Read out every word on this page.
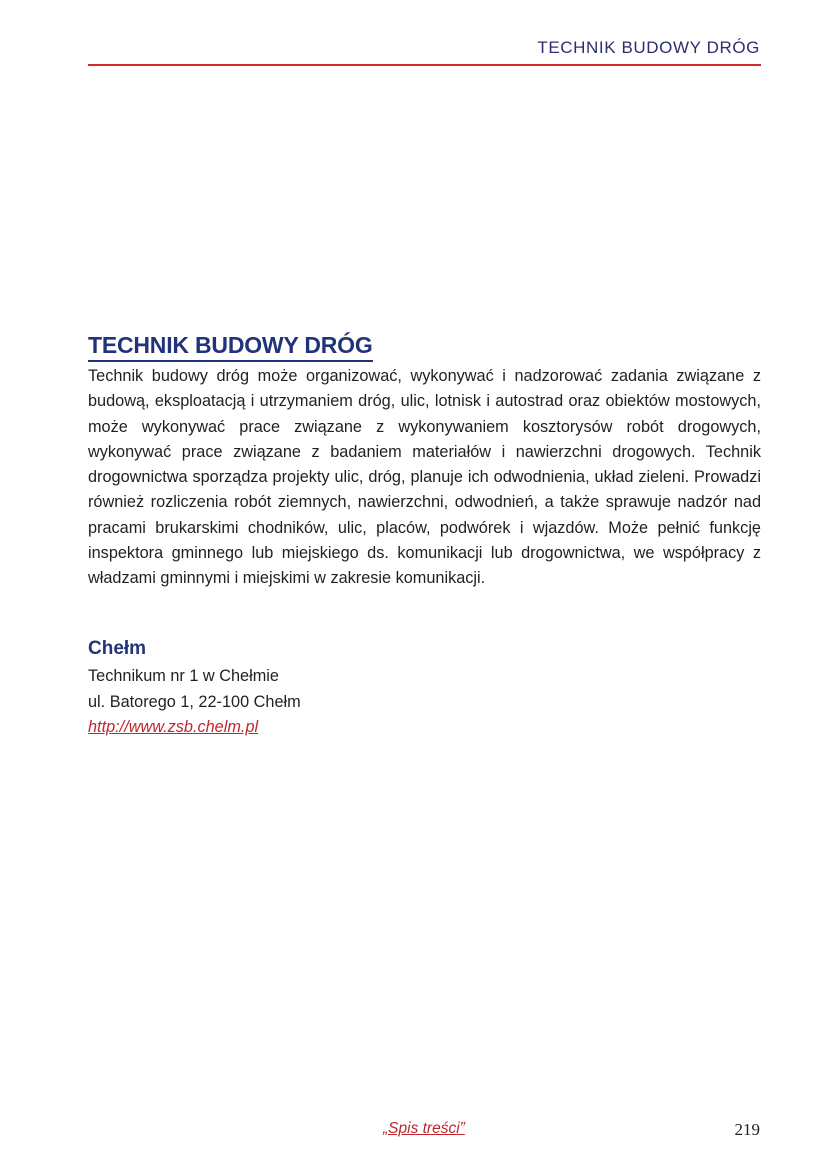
TECHNIK BUDOWY DRÓG
TECHNIK BUDOWY DRÓG

Technik budowy dróg może organizować, wykonywać i nadzorować zadania związane z budową, eksploatacją i utrzymaniem dróg, ulic, lotnisk i autostrad oraz obiektów mostowych, może wykonywać prace związane z wykonywaniem kosztorysów robót drogowych, wykonywać prace związane z badaniem materiałów i nawierzchni drogowych. Technik drogownictwa sporządza projekty ulic, dróg, planuje ich odwodnienia, układ zieleni. Prowadzi również rozliczenia robót ziemnych, nawierzchni, odwodnień, a także sprawuje nadzór nad pracami brukarskimi chodników, ulic, placów, podwórek i wjazdów. Może pełnić funkcję inspektora gminnego lub miejskiego ds. komunikacji lub drogownictwa, we współpracy z władzami gminnymi i miejskimi w zakresie komunikacji.

Chełm
Technikum nr 1 w Chełmie
ul. Batorego 1, 22-100 Chełm
http://www.zsb.chelm.pl
„Spis treści”	219
